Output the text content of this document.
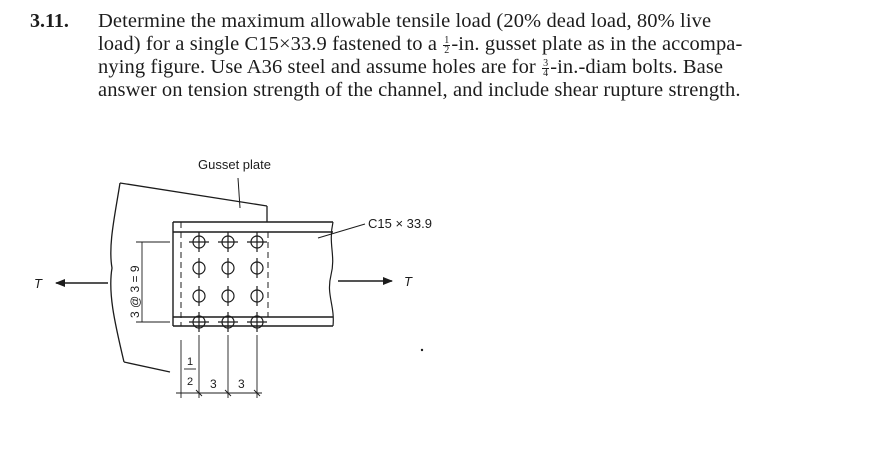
3.11. Determine the maximum allowable tensile load (20% dead load, 80% live
load) for a single C15×33.9 fastened to a $\frac{1}{2} -in$. gusset plate as in the accompa-
nying figure. Use A36 steel and assume holes are for $\frac{3}{4}$ -in.-diam bolts. Base
answer on tension strength of the channel, and include shear rupture strength.
Gusset plate
C15 × 33.9
3 @ 3 = 9
1
2 3 3
T	T
